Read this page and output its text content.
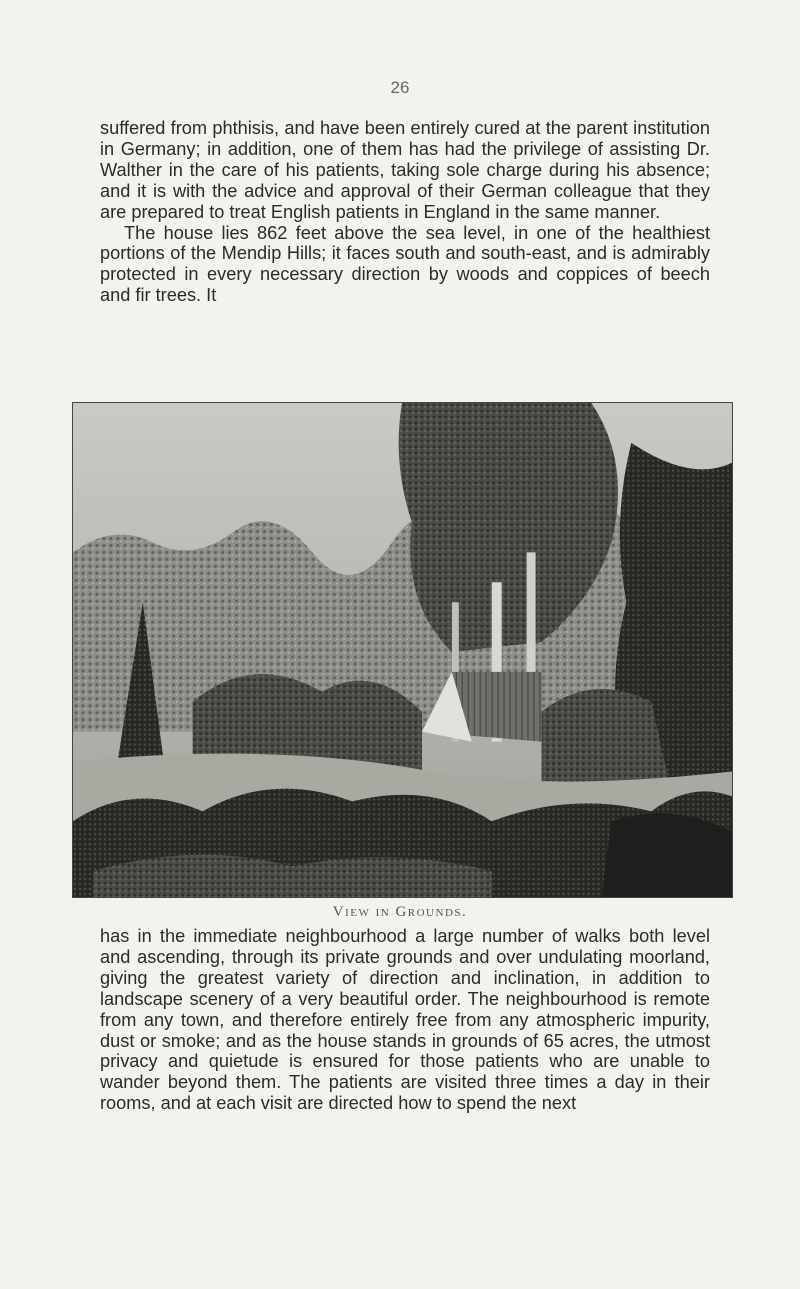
26

suffered from phthisis, and have been entirely cured at the parent institution in Germany; in addition, one of them has had the privilege of assisting Dr. Walther in the care of his patients, taking sole charge during his absence; and it is with the advice and approval of their German colleague that they are prepared to treat English patients in England in the same manner.

The house lies 862 feet above the sea level, in one of the healthiest portions of the Mendip Hills; it faces south and south-east, and is admirably protected in every necessary direction by woods and coppices of beech and fir trees. It

View in Grounds.

has in the immediate neighbourhood a large number of walks both level and ascending, through its private grounds and over undulating moorland, giving the greatest variety of direction and inclination, in addition to landscape scenery of a very beautiful order. The neighbourhood is remote from any town, and therefore entirely free from any atmospheric impurity, dust or smoke; and as the house stands in grounds of 65 acres, the utmost privacy and quietude is ensured for those patients who are unable to wander beyond them. The patients are visited three times a day in their rooms, and at each visit are directed how to spend the next
